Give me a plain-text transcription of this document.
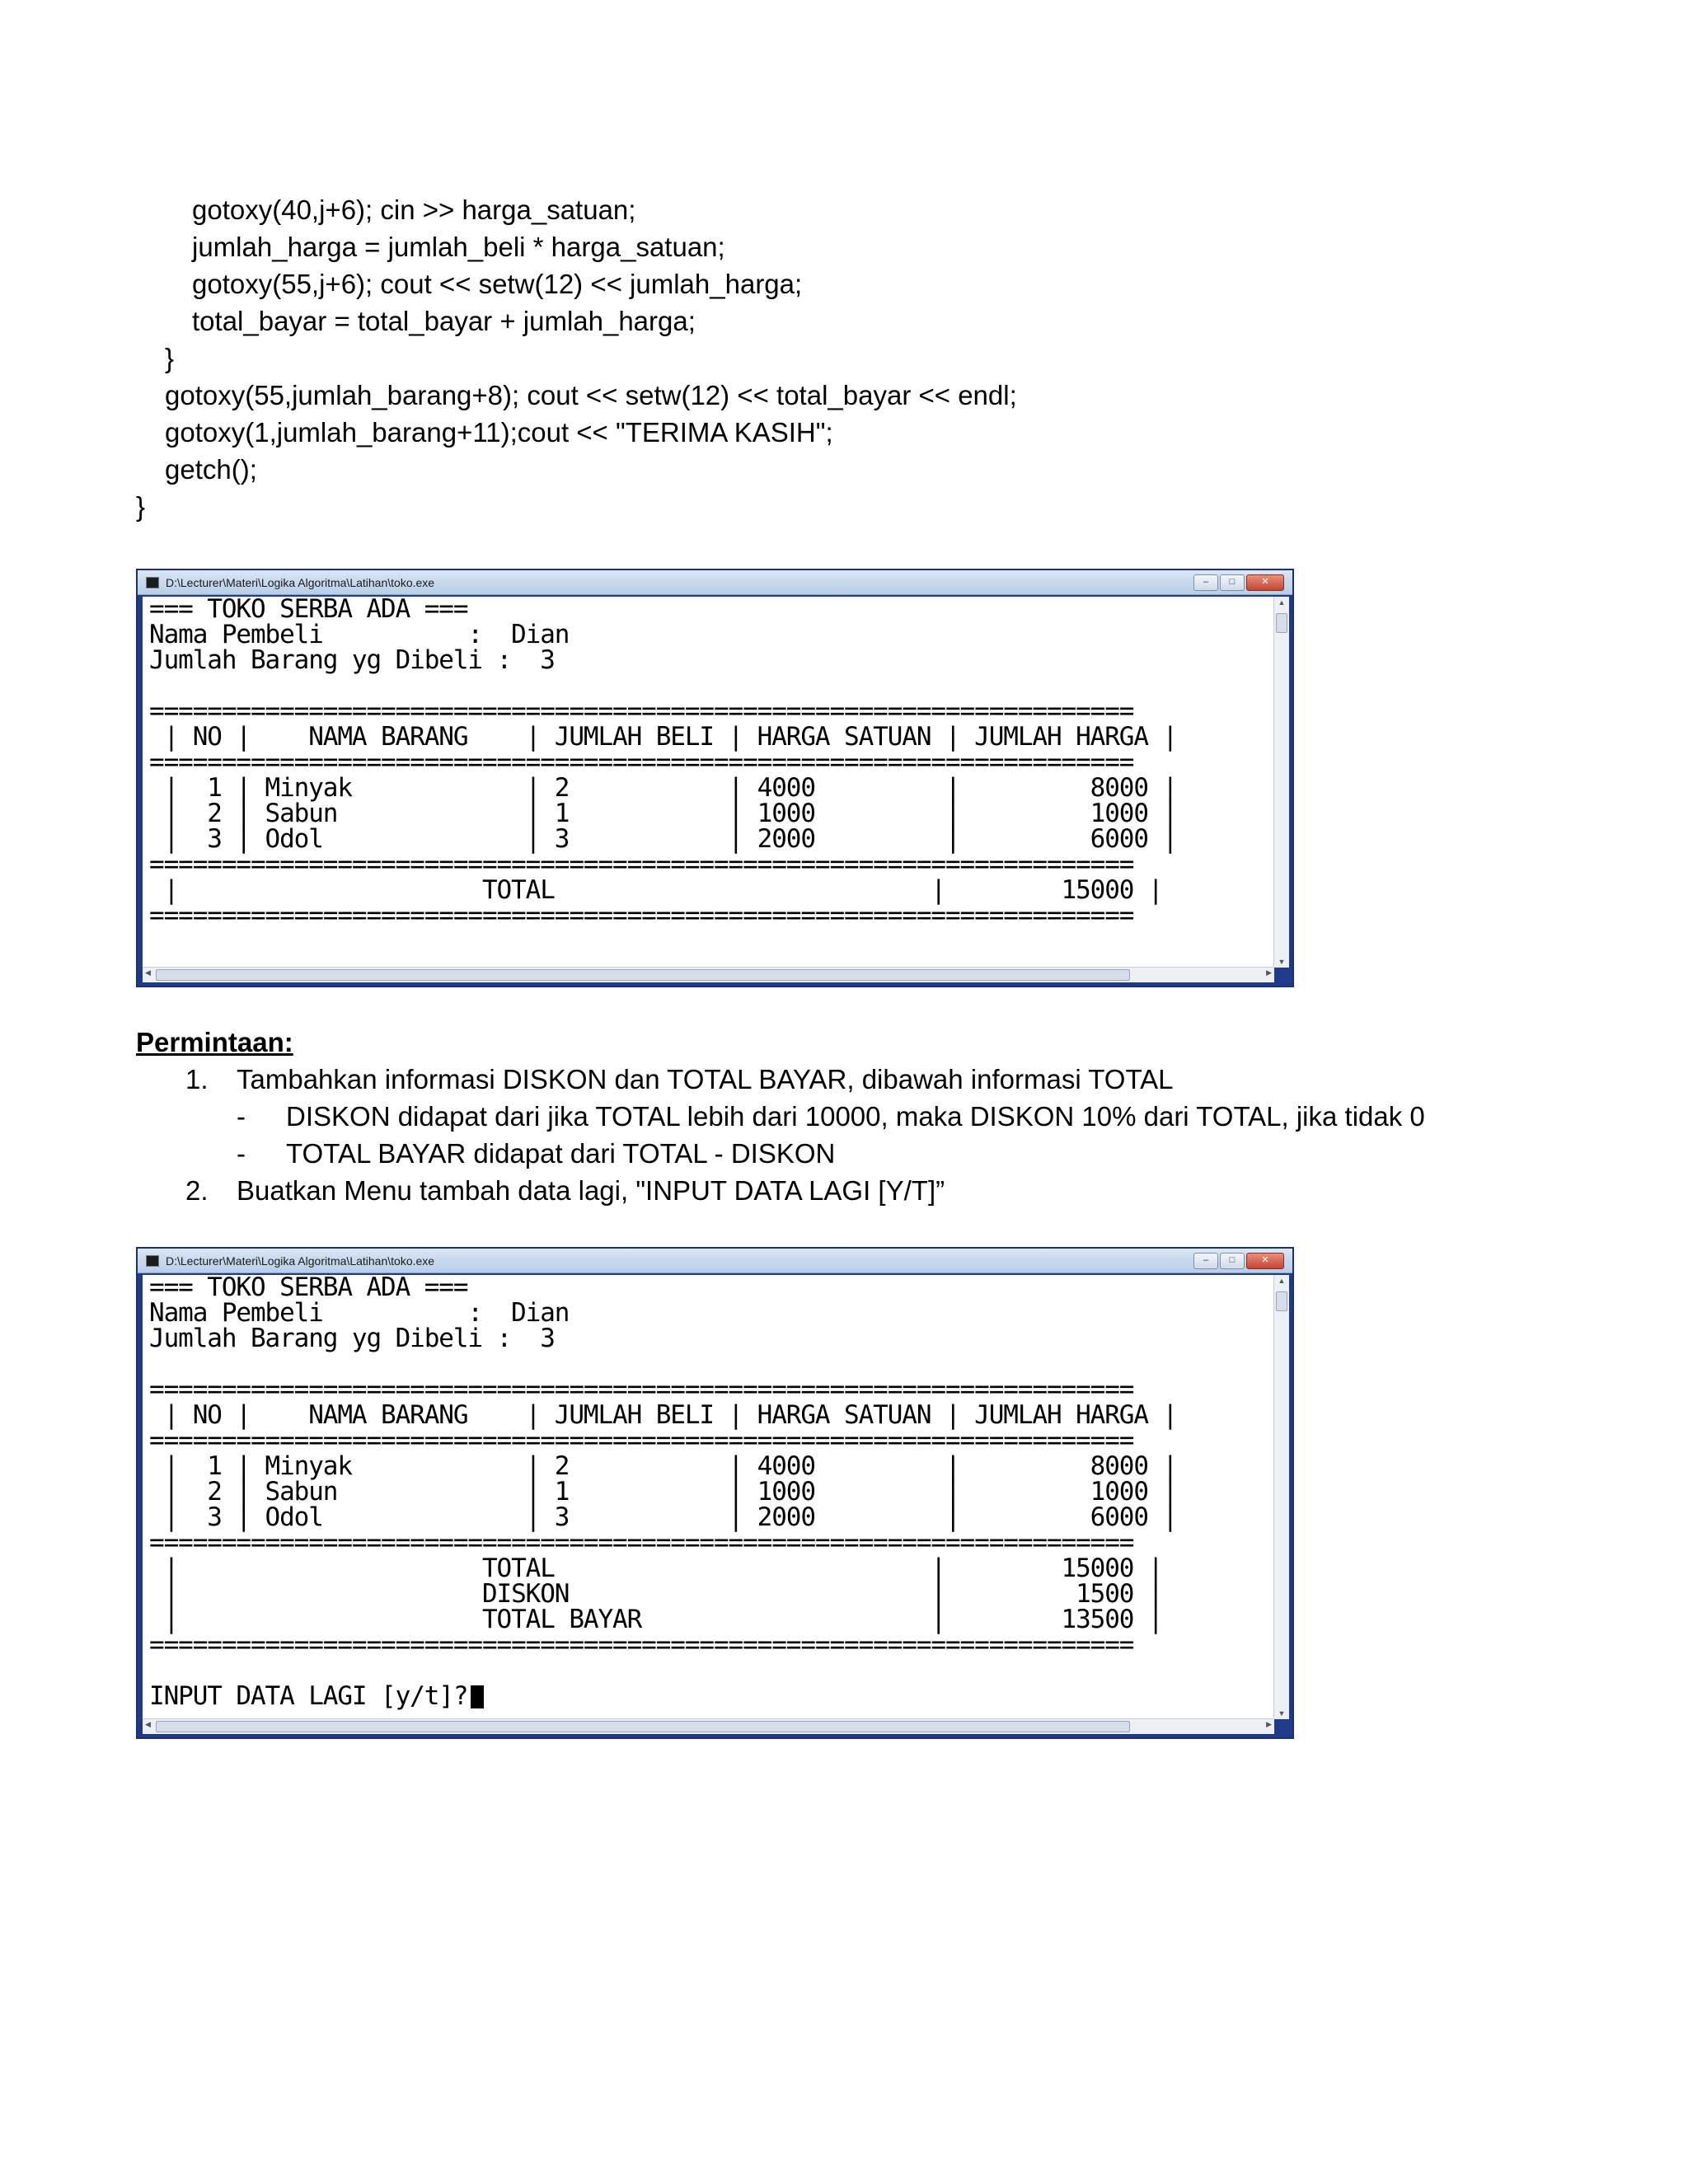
gotoxy(40,j+6); cin >> harga_satuan;
jumlah_harga = jumlah_beli * harga_satuan;
gotoxy(55,j+6); cout << setw(12) << jumlah_harga;
total_bayar = total_bayar + jumlah_harga;
}
gotoxy(55,jumlah_barang+8); cout << setw(12) << total_bayar << endl;
gotoxy(1,jumlah_barang+11);cout << "TERIMA KASIH";
getch();
}
D:\Lecturer\Materi\Logika Algoritma\Latihan\toko.exe	–	□	✕
=== TOKO SERBA ADA ===
Nama Pembeli          :  Dian
Jumlah Barang yg Dibeli :  3

====================================================================
| NO |    NAMA BARANG    | JUMLAH BELI | HARGA SATUAN | JUMLAH HARGA |
====================================================================
|  1 | Minyak            | 2           | 4000         |         8000 |
|  2 | Sabun             | 1           | 1000         |         1000 |
|  3 | Odol              | 3           | 2000         |         6000 |
====================================================================
|                     TOTAL                          |        15000 |
====================================================================
▲
▼
◀	▶
Permintaan:
1. Tambahkan informasi DISKON dan TOTAL BAYAR, dibawah informasi TOTAL
- DISKON didapat dari jika TOTAL lebih dari 10000, maka DISKON 10% dari TOTAL, jika tidak 0
- TOTAL BAYAR didapat dari TOTAL - DISKON
2. Buatkan Menu tambah data lagi, "INPUT DATA LAGI [Y/T]”
D:\Lecturer\Materi\Logika Algoritma\Latihan\toko.exe	–	□	✕
=== TOKO SERBA ADA ===
Nama Pembeli          :  Dian
Jumlah Barang yg Dibeli :  3

====================================================================
| NO |    NAMA BARANG    | JUMLAH BELI | HARGA SATUAN | JUMLAH HARGA |
====================================================================
|  1 | Minyak            | 2           | 4000         |         8000 |
|  2 | Sabun             | 1           | 1000         |         1000 |
|  3 | Odol              | 3           | 2000         |         6000 |
====================================================================
|                     TOTAL                          |        15000 |
|                     DISKON                         |         1500 |
|                     TOTAL BAYAR                    |        13500 |
====================================================================

INPUT DATA LAGI [y/t]?
▲
▼
◀	▶
